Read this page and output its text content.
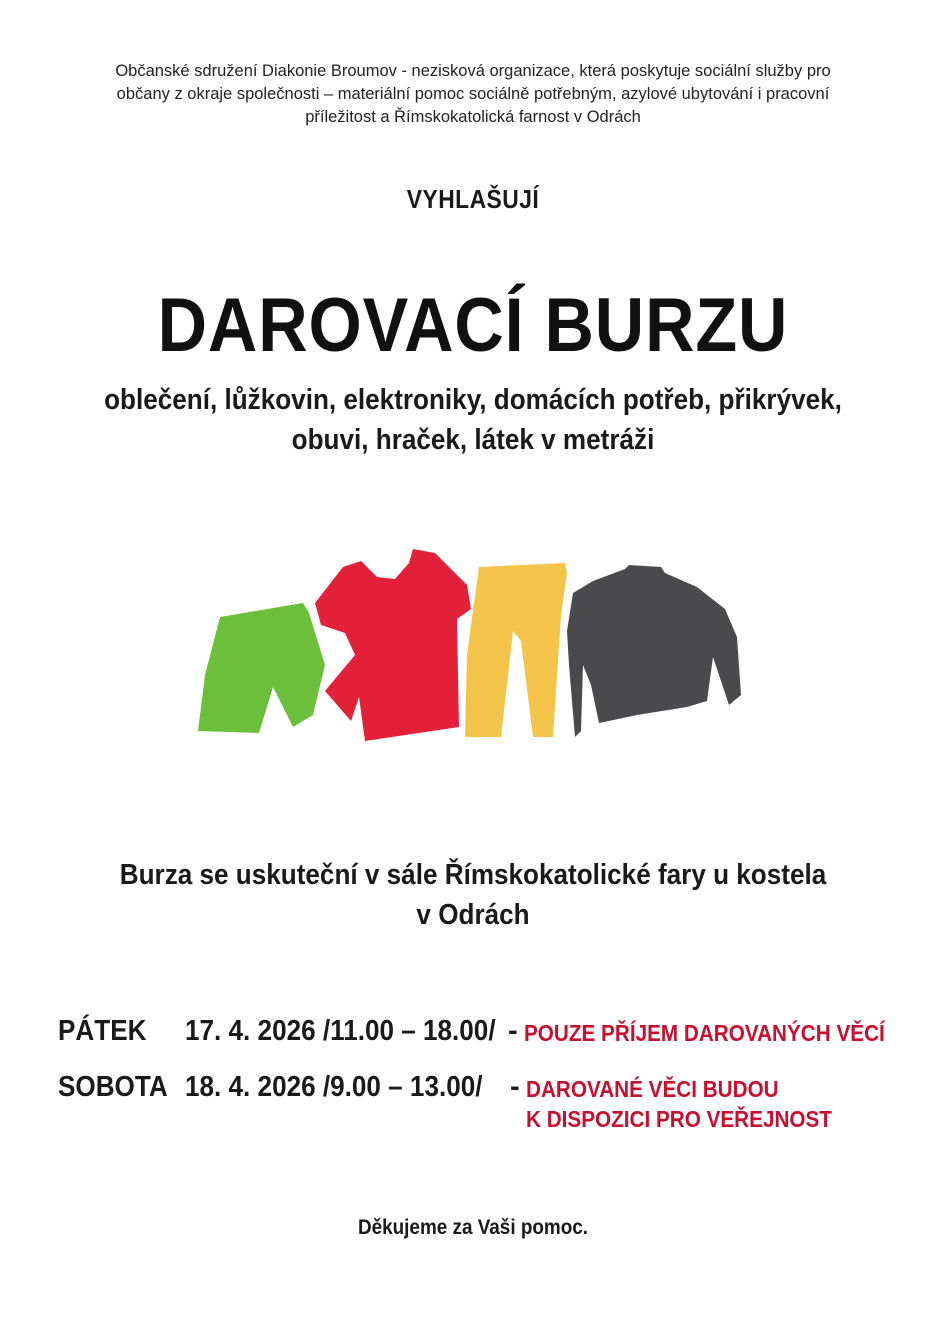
Občanské sdružení Diakonie Broumov - nezisková organizace, která poskytuje sociální služby pro
občany z okraje společnosti – materiální pomoc sociálně potřebným, azylové ubytování i pracovní
příležitost a Římskokatolická farnost v Odrách
VYHLAŠUJÍ
DAROVACÍ BURZU
oblečení, lůžkovin, elektroniky, domácích potřeb, přikrývek,
obuvi, hraček, látek v metráži
Burza se uskuteční v sále Římskokatolické fary u kostela
v Odrách
PÁTEK 17. 4. 2026 /11.00 – 18.00/ - POUZE PŘÍJEM DAROVANÝCH VĚCÍ
SOBOTA 18. 4. 2026 /9.00 – 13.00/ - DAROVANÉ VĚCI BUDOU
K DISPOZICI PRO VEŘEJNOST
Děkujeme za Vaši pomoc.
